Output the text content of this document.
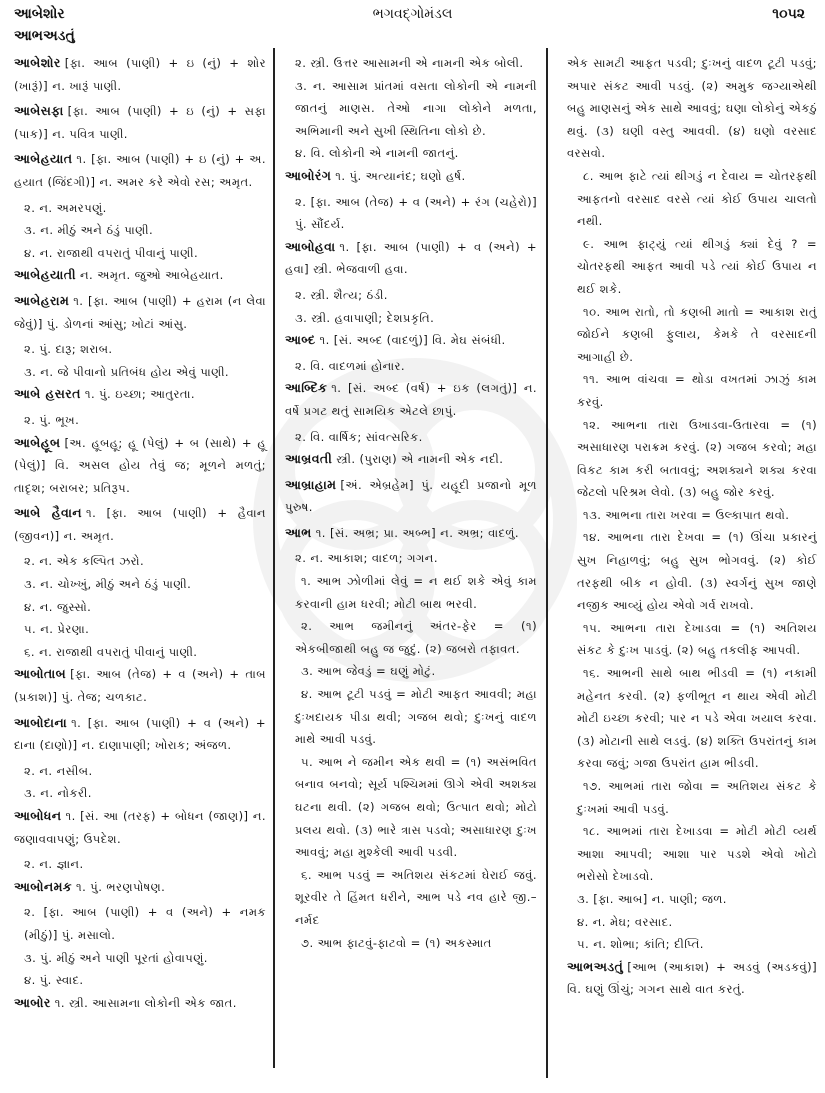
આબેશોર	ભગવદ્ગોમંડલ	૧૦૫૨
આભઅડતું

આબેશોર [ફા. આબ (પાણી) + ઇ (નું) + શોર (ખારૂં)] ન. ખારૂં પાણી.

આબેસફા [ફા. આબ (પાણી) + ઇ (નું) + સફા (પાક)] ન. પવિત્ર પાણી.

આબેહયાત ૧. [ફા. આબ (પાણી) + ઇ (નું) + અ. હયાત (જિંદગી)] ન. અમર કરે એવો રસ; અમૃત.

૨. ન. અમરપણું.

૩. ન. મીઠું અને ઠંડું પાણી.

૪. ન. રાજાથી વપરાતું પીવાનું પાણી.

આબેહયાતી ન. અમૃત. જુઓ આબેહયાત.

આબેહરામ ૧. [ફા. આબ (પાણી) + હરામ (ન લેવા જેવું)] પું. ડોળનાં આંસુ; ખોટાં આંસુ.

૨. પું. દારૂ; શરાબ.

૩. ન. જે પીવાનો પ્રતિબંધ હોય એવું પાણી.

આબે હસરત ૧. પું. ઇચ્છા; આતુરતા.

૨. પું. ભૂખ.

આબેહૂબ [અ. હૂબહૂ; હૂ (પેલું) + બ (સાથે) + હૂ (પેલું)] વિ. અસલ હોય તેવું જ; મૂળને મળતું; તાદૃશ; બરાબર; પ્રતિરૂપ.

આબે હૈવાન ૧. [ફા. આબ (પાણી) + હૈવાન (જીવન)] ન. અમૃત.

૨. ન. એક કલ્પિત ઝરો.

૩. ન. ચોખ્ખું, મીઠું અને ઠંડું પાણી.

૪. ન. જુસ્સો.

૫. ન. પ્રેરણા.

૬. ન. રાજાથી વપરાતું પીવાનું પાણી.

આબોતાબ [ફા. આબ (તેજ) + વ (અને) + તાબ (પ્રકાશ)] પું. તેજ; ચળકાટ.

આબોદાના ૧. [ફા. આબ (પાણી) + વ (અને) + દાના (દાણો)] ન. દાણાપાણી; ખોરાક; અંજળ.

૨. ન. નસીબ.

૩. ન. નોકરી.

આબોધન ૧. [સં. આ (તરફ) + બોધન (જાણ)] ન. જણાવવાપણું; ઉપદેશ.

૨. ન. જ્ઞાન.

આબોનમક ૧. પું. ભરણપોષણ.

૨. [ફા. આબ (પાણી) + વ (અને) + નમક (મીઠું)] પું. મસાલો.

૩. પું. મીઠું અને પાણી પૂરતાં હોવાપણું.

૪. પું. સ્વાદ.

આબોર ૧. સ્ત્રી. આસામના લોકોની એક જાત.

૨. સ્ત્રી. ઉત્તર આસામની એ નામની એક બોલી.

૩. ન. આસામ પ્રાંતમાં વસતા લોકોની એ નામની જાતનું માણસ. તેઓ નાગા લોકોને મળતા, અભિમાની અને સુખી સ્થિતિના લોકો છે.

૪. વિ. લોકોની એ નામની જાતનું.

આબોરંગ ૧. પું. અત્યાનંદ; ઘણો હર્ષ.

૨. [ફા. આબ (તેજ) + વ (અને) + રંગ (ચહેરો)] પું. સૌંદર્ય.

આબોહવા ૧. [ફા. આબ (પાણી) + વ (અને) + હવા] સ્ત્રી. ભેજવાળી હવા.

૨. સ્ત્રી. શૈત્ય; ઠંડી.

૩. સ્ત્રી. હવાપાણી; દેશપ્રકૃતિ.

આબ્દ ૧. [સં. અબ્દ (વાદળું)] વિ. મેઘ સંબંધી.

૨. વિ. વાદળમાં હોનાર.

આબ્દિક ૧. [સં. અબ્દ (વર્ષ) + ઇક (લગતું)] ન. વર્ષે પ્રગટ થતું સામયિક એટલે છાપું.

૨. વિ. વાર્ષિક; સાંવત્સરિક.

આબ્રવતી સ્ત્રી. (પુરાણ) એ નામની એક નદી.

આબ્રાહામ [અં. એબ્રહેમ] પું. યહૂદી પ્રજાનો મૂળ પુરુષ.

આભ ૧. [સં. અભ્ર; પ્રા. અબ્ભ] ન. અભ્ર; વાદળું.

૨. ન. આકાશ; વાદળ; ગગન.

૧. આભ ઝોળીમાં લેવું = ન થઈ શકે એવું કામ કરવાની હામ ધરવી; મોટી બાથ ભરવી.

૨. આભ જમીનનું અંતર-ફેર = (૧) એકબીજાથી બહુ જ જુદું. (૨) જબરો તફાવત.

૩. આભ જેવડું = ઘણું મોટું.

૪. આભ ટૂટી પડવું = મોટી આફત આવવી; મહા દુઃખદાયક પીડા થવી; ગજબ થવો; દુઃખનું વાદળ માથે આવી પડવું.

૫. આભ ને જમીન એક થવી = (૧) અસંભવિત બનાવ બનવો; સૂર્ય પશ્ચિમમાં ઊગે એવી અશક્ય ઘટના થવી. (૨) ગજબ થવો; ઉત્પાત થવો; મોટો પ્રલય થવો. (૩) ભારે ત્રાસ પડવો; અસાધારણ દુઃખ આવવું; મહા મુશ્કેલી આવી પડવી.

૬. આભ પડવું = અતિશય સંકટમાં ઘેરાઈ જવું. શૂરવીર તે હિંમત ધરીને, આભ પડે નવ હારે જી.–નર્મદ

૭. આભ ફાટવું-ફાટવો = (૧) અકસ્માત

એક સામટી આફત પડવી; દુઃખનું વાદળ ટૂટી પડવું; અપાર સંકટ આવી પડવું. (૨) અમુક જગ્યાએથી બહુ માણસનું એક સાથે આવવું; ઘણા લોકોનું એકઠું થવું. (૩) ઘણી વસ્તુ આવવી. (૪) ઘણો વરસાદ વરસવો.

૮. આભ ફાટે ત્યાં થીગડું ન દેવાય = ચોતરફથી આફતનો વરસાદ વરસે ત્યાં કોઈ ઉપાય ચાલતો નથી.

૯. આભ ફાટ્યું ત્યાં થીગડું ક્યાં દેવું ? = ચોતરફથી આફત આવી પડે ત્યાં કોઈ ઉપાય ન થઈ શકે.

૧૦. આભ રાતો, તો કણબી માતો = આકાશ રાતું જોઈને કણબી ફુલાય, કેમકે તે વરસાદની આગાહી છે.

૧૧. આભ વાંચવા = થોડા વખતમાં ઝાઝું કામ કરવું.

૧૨. આભના તારા ઉખાડવા-ઉતારવા = (૧) અસાધારણ પરાક્રમ કરવું. (૨) ગજબ કરવો; મહા વિકટ કામ કરી બતાવવું; અશક્યને શક્ય કરવા જેટલો પરિશ્રમ લેવો. (૩) બહુ જોર કરવું.

૧૩. આભના તારા ખરવા = ઉલ્કાપાત થવો.

૧૪. આભના તારા દેખવા = (૧) ઊંચા પ્રકારનું સુખ નિહાળવું; બહુ સુખ ભોગવવું. (૨) કોઈ તરફથી બીક ન હોવી. (૩) સ્વર્ગનું સુખ જાણે નજીક આવ્યું હોય એવો ગર્વ રાખવો.

૧૫. આભના તારા દેખાડવા = (૧) અતિશય સંકટ કે દુઃખ પાડવું. (૨) બહુ તકલીફ આપવી.

૧૬. આભની સાથે બાથ ભીડવી = (૧) નકામી મહેનત કરવી. (૨) ફળીભૂત ન થાય એવી મોટી મોટી ઇચ્છા કરવી; પાર ન પડે એવા ખયાલ કરવા. (૩) મોટાની સાથે લડવું. (૪) શક્તિ ઉપરાંતનું કામ કરવા જવું; ગજા ઉપરાંત હામ ભીડવી.

૧૭. આભમાં તારા જોવા = અતિશય સંકટ કે દુઃખમાં આવી પડવું.

૧૮. આભમાં તારા દેખાડવા = મોટી મોટી વ્યર્થ આશા આપવી; આશા પાર પડશે એવો ખોટો ભરોસો દેખાડવો.

૩. [ફા. આબ] ન. પાણી; જળ.

૪. ન. મેઘ; વરસાદ.

૫. ન. શોભા; કાંતિ; દીપ્તિ.

આભઅડતું [આભ (આકાશ) + અડવું (અડકવું)] વિ. ઘણું ઊંચું; ગગન સાથે વાત કરતું.
